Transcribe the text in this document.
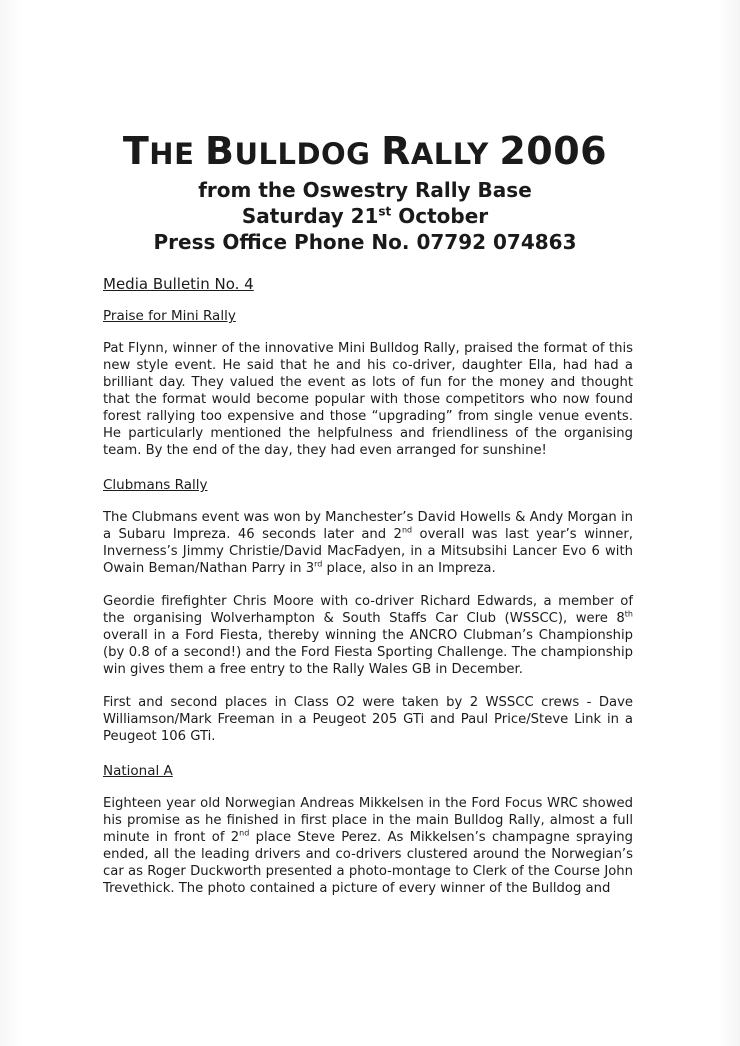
THE BULLDOG RALLY 2006

from the Oswestry Rally Base

Saturday 21st October

Press Office Phone No. 07792 074863

Media Bulletin No. 4

Praise for Mini Rally

Pat Flynn, winner of the innovative Mini Bulldog Rally, praised the format of this new style event. He said that he and his co-driver, daughter Ella, had had a brilliant day. They valued the event as lots of fun for the money and thought that the format would become popular with those competitors who now found forest rallying too expensive and those “upgrading” from single venue events. He particularly mentioned the helpfulness and friendliness of the organising team. By the end of the day, they had even arranged for sunshine!

Clubmans Rally

The Clubmans event was won by Manchester’s David Howells & Andy Morgan in a Subaru Impreza. 46 seconds later and 2nd overall was last year’s winner, Inverness’s Jimmy Christie/David MacFadyen, in a Mitsubsihi Lancer Evo 6 with Owain Beman/Nathan Parry in 3rd place, also in an Impreza.

Geordie firefighter Chris Moore with co-driver Richard Edwards, a member of the organising Wolverhampton & South Staffs Car Club (WSSCC), were 8th overall in a Ford Fiesta, thereby winning the ANCRO Clubman’s Championship (by 0.8 of a second!) and the Ford Fiesta Sporting Challenge. The championship win gives them a free entry to the Rally Wales GB in December.

First and second places in Class O2 were taken by 2 WSSCC crews - Dave Williamson/Mark Freeman in a Peugeot 205 GTi and Paul Price/Steve Link in a Peugeot 106 GTi.

National A

Eighteen year old Norwegian Andreas Mikkelsen in the Ford Focus WRC showed his promise as he finished in first place in the main Bulldog Rally, almost a full minute in front of 2nd place Steve Perez. As Mikkelsen’s champagne spraying ended, all the leading drivers and co-drivers clustered around the Norwegian’s car as Roger Duckworth presented a photo-montage to Clerk of the Course John Trevethick. The photo contained a picture of every winner of the Bulldog and
